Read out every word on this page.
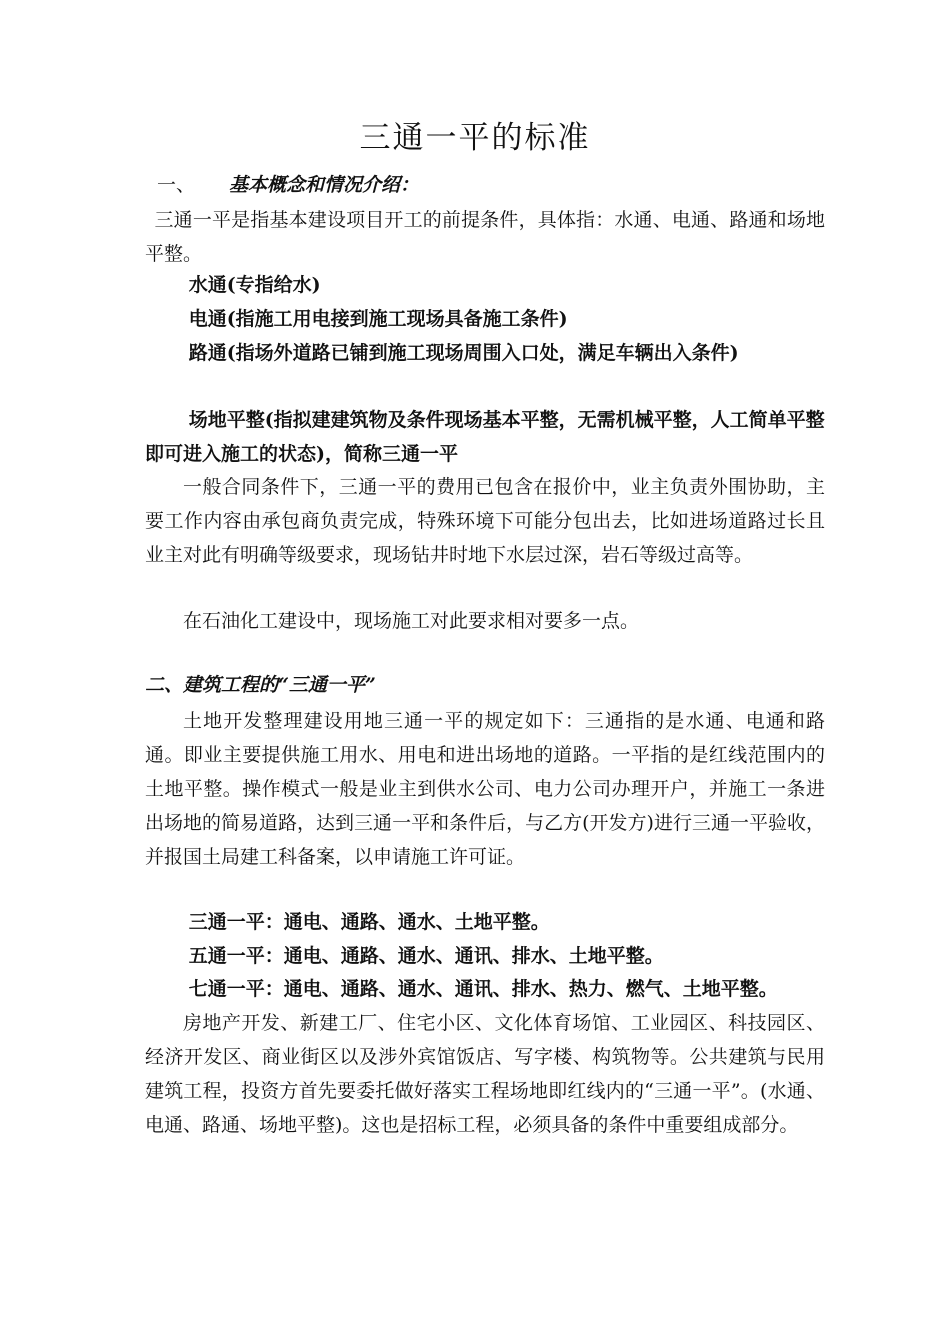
三通一平的标准
一、 基本概念和情况介绍：

三通一平是指基本建设项目开工的前提条件，具体指：水通、电通、路通和场地平整。

水通(专指给水)

电通(指施工用电接到施工现场具备施工条件)

路通(指场外道路已铺到施工现场周围入口处，满足车辆出入条件)

场地平整(指拟建建筑物及条件现场基本平整，无需机械平整，人工简单平整即可进入施工的状态)，简称三通一平

一般合同条件下，三通一平的费用已包含在报价中，业主负责外围协助，主要工作内容由承包商负责完成，特殊环境下可能分包出去，比如进场道路过长且业主对此有明确等级要求，现场钻井时地下水层过深，岩石等级过高等。

在石油化工建设中，现场施工对此要求相对要多一点。

二、建筑工程的“三通一平”

土地开发整理建设用地三通一平的规定如下：三通指的是水通、电通和路通。即业主要提供施工用水、用电和进出场地的道路。一平指的是红线范围内的土地平整。操作模式一般是业主到供水公司、电力公司办理开户，并施工一条进出场地的简易道路，达到三通一平和条件后，与乙方(开发方)进行三通一平验收，并报国土局建工科备案，以申请施工许可证。

三通一平：通电、通路、通水、土地平整。

五通一平：通电、通路、通水、通讯、排水、土地平整。

七通一平：通电、通路、通水、通讯、排水、热力、燃气、土地平整。

房地产开发、新建工厂、住宅小区、文化体育场馆、工业园区、科技园区、经济开发区、商业街区以及涉外宾馆饭店、写字楼、构筑物等。公共建筑与民用建筑工程，投资方首先要委托做好落实工程场地即红线内的“三通一平”。(水通、电通、路通、场地平整)。这也是招标工程，必须具备的条件中重要组成部分。
